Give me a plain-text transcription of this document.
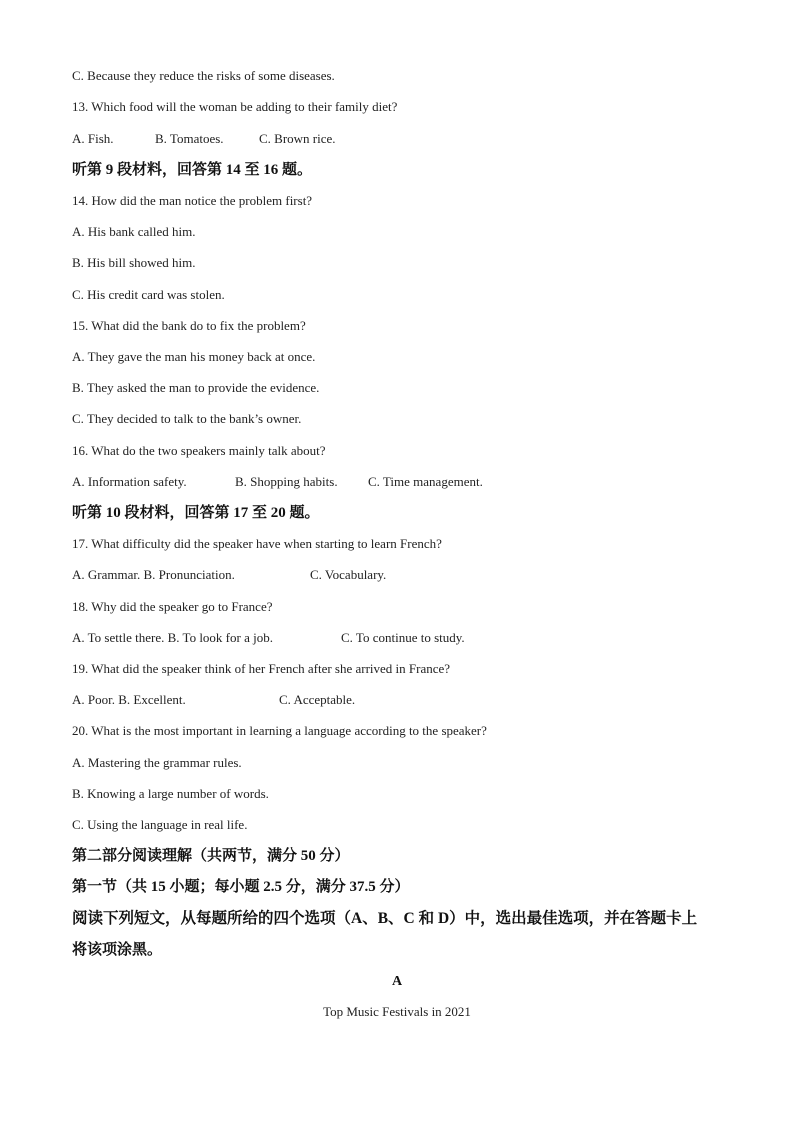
C. Because they reduce the risks of some diseases.
13. Which food will the woman be adding to their family diet?
A. Fish.	B. Tomatoes.	C. Brown rice.
听第 9 段材料，回答第 14 至 16 题。
14. How did the man notice the problem first?
A. His bank called him.
B. His bill showed him.
C. His credit card was stolen.
15. What did the bank do to fix the problem?
A. They gave the man his money back at once.
B. They asked the man to provide the evidence.
C. They decided to talk to the bank’s owner.
16. What do the two speakers mainly talk about?
A. Information safety.	B. Shopping habits. C. Time management.
听第 10 段材料，回答第 17 至 20 题。
17. What difficulty did the speaker have when starting to learn French?
A. Grammar. B. Pronunciation.	C. Vocabulary.
18. Why did the speaker go to France?
A. To settle there. B. To look for a job.	C. To continue to study.
19. What did the speaker think of her French after she arrived in France?
A. Poor. B. Excellent.	C. Acceptable.
20. What is the most important in learning a language according to the speaker?
A. Mastering the grammar rules.
B. Knowing a large number of words.
C. Using the language in real life.
第二部分阅读理解（共两节，满分 50 分）
第一节（共 15 小题；每小题 2.5 分，满分 37.5 分）
阅读下列短文，从每题所给的四个选项（A、B、C 和 D）中，选出最佳选项，并在答题卡上
将该项涂黑。
A
Top Music Festivals in 2021
